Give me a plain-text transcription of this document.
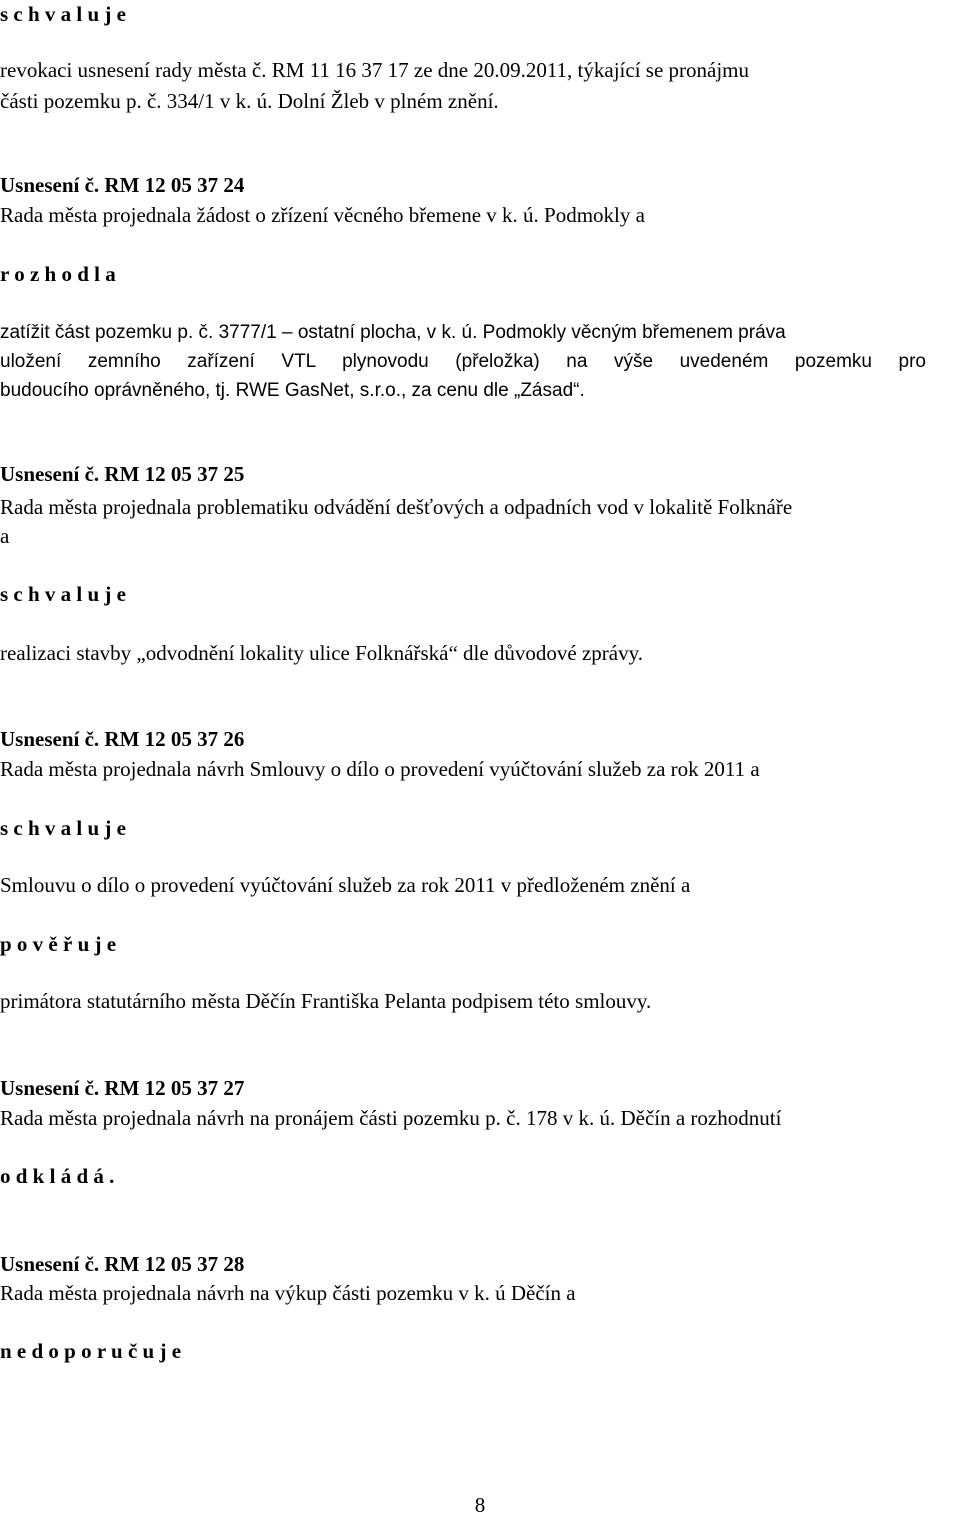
s c h v a l u j e
revokaci usnesení rady města č. RM 11 16 37 17 ze dne 20.09.2011, týkající se pronájmu
části pozemku p. č. 334/1 v k. ú. Dolní Žleb v plném znění.
Usnesení č. RM 12 05 37 24
Rada města projednala žádost o zřízení věcného břemene v k. ú. Podmokly a
r o z h o d l a
zatížit část pozemku p. č. 3777/1 – ostatní plocha, v k. ú. Podmokly věcným břemenem práva
uložení zemního zařízení VTL plynovodu (přeložka) na výše uvedeném pozemku pro
budoucího oprávněného, tj. RWE GasNet, s.r.o., za cenu dle „Zásad“.
Usnesení č. RM 12 05 37 25
Rada města projednala problematiku odvádění dešťových a odpadních vod v lokalitě Folknáře
a
s c h v a l u j e
realizaci stavby „odvodnění lokality ulice Folknářská“ dle důvodové zprávy.
Usnesení č. RM 12 05 37 26
Rada města projednala návrh Smlouvy o dílo o provedení vyúčtování služeb za rok 2011 a
s c h v a l u j e
Smlouvu o dílo o provedení vyúčtování služeb za rok 2011 v předloženém znění a
p o v ě ř u j e
primátora statutárního města Děčín Františka Pelanta podpisem této smlouvy.
Usnesení č. RM 12 05 37 27
Rada města projednala návrh na pronájem části pozemku p. č. 178 v k. ú. Děčín a rozhodnutí
o d k l á d á .
Usnesení č. RM 12 05 37 28
Rada města projednala návrh na výkup části pozemku v k. ú Děčín a
n e d o p o r u č u j e
8
